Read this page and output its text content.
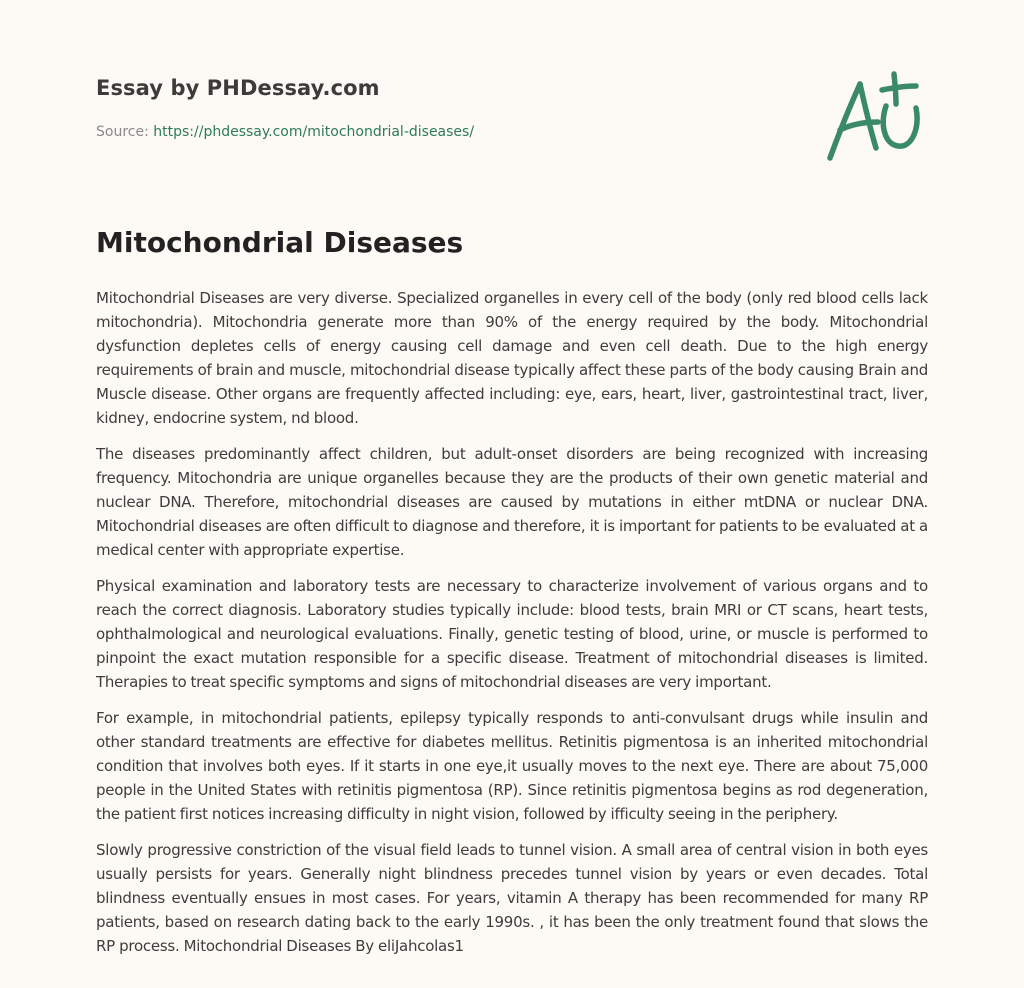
Essay by PHDessay.com
Source: https://phdessay.com/mitochondrial-diseases/
Mitochondrial Diseases

Mitochondrial Diseases are very diverse. Specialized organelles in every cell of the body (only red blood cells lack mitochondria). Mitochondria generate more than 90% of the energy required by the body. Mitochondrial dysfunction depletes cells of energy causing cell damage and even cell death. Due to the high energy requirements of brain and muscle, mitochondrial disease typically affect these parts of the body causing Brain and Muscle disease. Other organs are frequently affected including: eye, ears, heart, liver, gastrointestinal tract, liver, kidney, endocrine system, nd blood.

The diseases predominantly affect children, but adult-onset disorders are being recognized with increasing frequency. Mitochondria are unique organelles because they are the products of their own genetic material and nuclear DNA. Therefore, mitochondrial diseases are caused by mutations in either mtDNA or nuclear DNA. Mitochondrial diseases are often difficult to diagnose and therefore, it is important for patients to be evaluated at a medical center with appropriate expertise.

Physical examination and laboratory tests are necessary to characterize involvement of various organs and to reach the correct diagnosis. Laboratory studies typically include: blood tests, brain MRI or CT scans, heart tests, ophthalmological and neurological evaluations. Finally, genetic testing of blood, urine, or muscle is performed to pinpoint the exact mutation responsible for a specific disease. Treatment of mitochondrial diseases is limited. Therapies to treat specific symptoms and signs of mitochondrial diseases are very important.

For example, in mitochondrial patients, epilepsy typically responds to anti-convulsant drugs while insulin and other standard treatments are effective for diabetes mellitus. Retinitis pigmentosa is an inherited mitochondrial condition that involves both eyes. If it starts in one eye,it usually moves to the next eye. There are about 75,000 people in the United States with retinitis pigmentosa (RP). Since retinitis pigmentosa begins as rod degeneration, the patient first notices increasing difficulty in night vision, followed by ifficulty seeing in the periphery.

Slowly progressive constriction of the visual field leads to tunnel vision. A small area of central vision in both eyes usually persists for years. Generally night blindness precedes tunnel vision by years or even decades. Total blindness eventually ensues in most cases. For years, vitamin A therapy has been recommended for many RP patients, based on research dating back to the early 1990s. , it has been the only treatment found that slows the RP process. Mitochondrial Diseases By eliJahcolas1
